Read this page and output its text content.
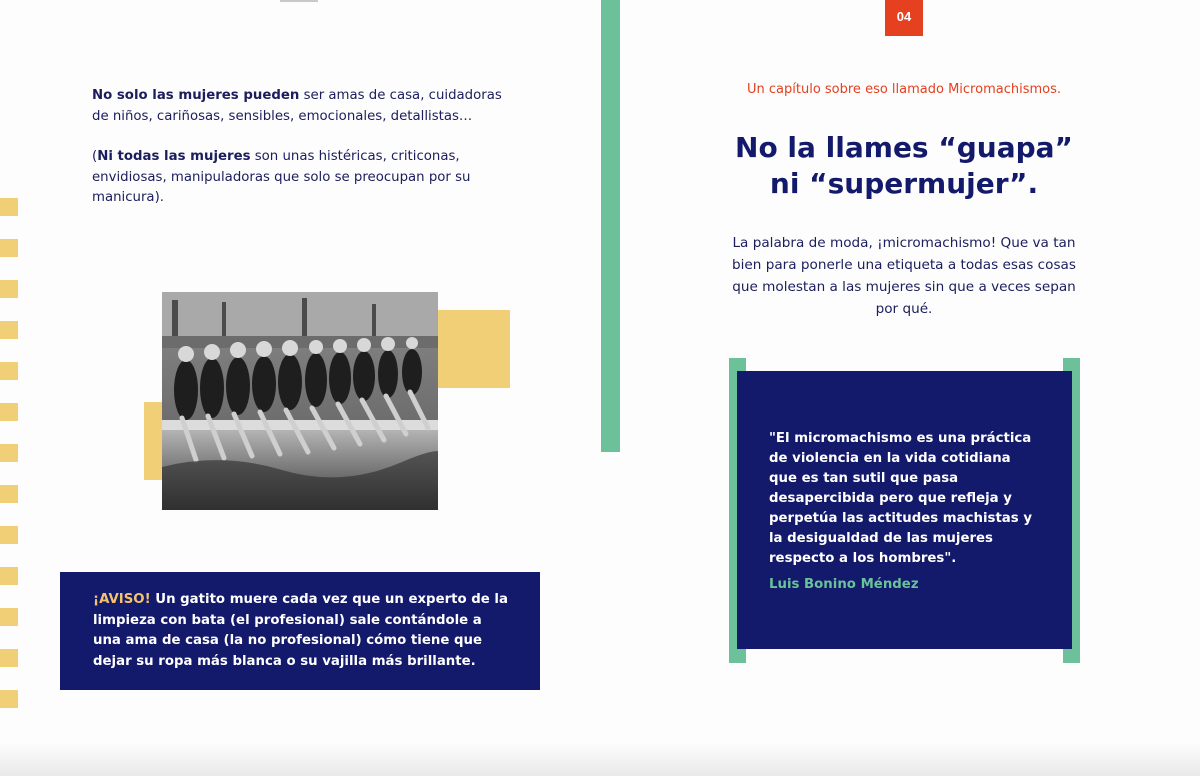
No solo las mujeres pueden ser amas de casa, cuidadoras de niños, cariñosas, sensibles, emocionales, detallistas…

(Ni todas las mujeres son unas histéricas, criticonas, envidiosas, manipuladoras que solo se preocupan por su manicura).

¡AVISO! Un gatito muere cada vez que un experto de la limpieza con bata (el profesional) sale contándole a una ama de casa (la no profesional) cómo tiene que dejar su ropa más blanca o su vajilla más brillante.
04
Un capítulo sobre eso llamado Micromachismos.
No la llames “guapa”
ni “supermujer”.
La palabra de moda, ¡micromachismo! Que va tan bien para ponerle una etiqueta a todas esas cosas que molestan a las mujeres sin que a veces sepan por qué.
"El micromachismo es una práctica de violencia en la vida cotidiana que es tan sutil que pasa desapercibida pero que refleja y perpetúa las actitudes machistas y la desigualdad de las mujeres respecto a los hombres".
Luis Bonino Méndez
